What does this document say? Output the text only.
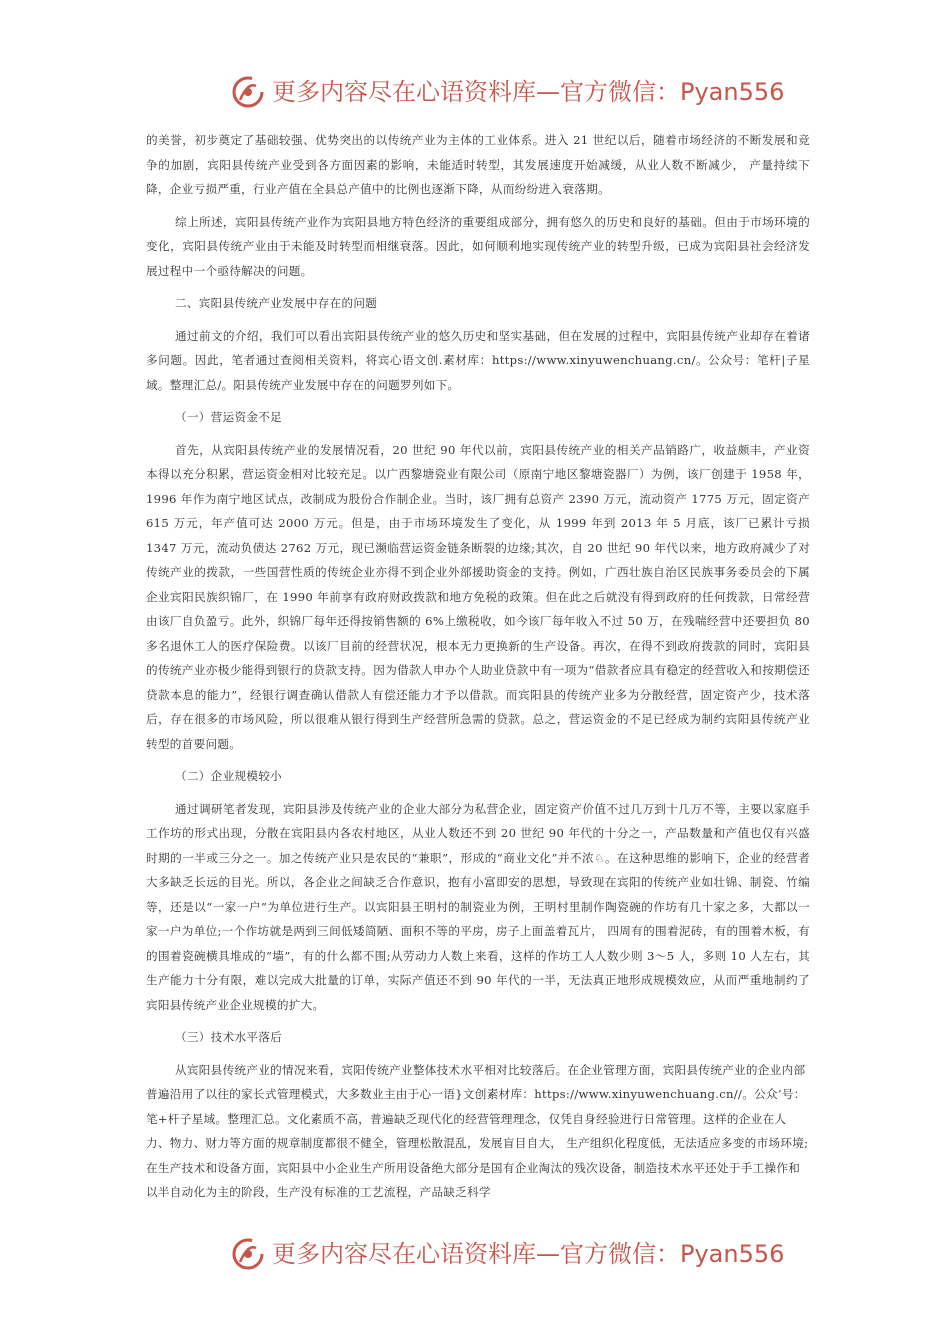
更多内容尽在心语资料库—官方微信：Pyan556

的美誉，初步奠定了基础较强、优势突出的以传统产业为主体的工业体系。进入 21 世纪以后，随着市场经济的不断发展和竞争的加剧，宾阳县传统产业受到各方面因素的影响，未能适时转型，其发展速度开始减缓，从业人数不断减少， 产量持续下降，企业亏损严重，行业产值在全县总产值中的比例也逐渐下降，从而纷纷进入衰落期。

综上所述，宾阳县传统产业作为宾阳县地方特色经济的重要组成部分，拥有悠久的历史和良好的基础。但由于市场环境的变化，宾阳县传统产业由于未能及时转型而相继衰落。因此，如何顺利地实现传统产业的转型升级，已成为宾阳县社会经济发展过程中一个亟待解决的问题。

二、宾阳县传统产业发展中存在的问题

通过前文的介绍，我们可以看出宾阳县传统产业的悠久历史和坚实基础，但在发展的过程中，宾阳县传统产业却存在着诸多问题。因此，笔者通过查阅相关资料，将宾心语文创.素材库：https://www.xinyuwenchuang.cn/。公众号：笔杆|子星域。整理汇总/。阳县传统产业发展中存在的问题罗列如下。

（一）营运资金不足

首先，从宾阳县传统产业的发展情况看，20 世纪 90 年代以前，宾阳县传统产业的相关产品销路广，收益颇丰，产业资本得以充分积累，营运资金相对比较充足。以广西黎塘瓷业有限公司（原南宁地区黎塘瓷器厂）为例，该厂创建于 1958 年，1996 年作为南宁地区试点，改制成为股份合作制企业。当时，该厂拥有总资产 2390 万元，流动资产 1775 万元，固定资产 615 万元，年产值可达 2000 万元。但是，由于市场环境发生了变化，从 1999 年到 2013 年 5 月底，该厂已累计亏损 1347 万元，流动负债达 2762 万元，现已濒临营运资金链条断裂的边缘;其次，自 20 世纪 90 年代以来，地方政府减少了对传统产业的拨款，一些国营性质的传统企业亦得不到企业外部援助资金的支持。例如，广西壮族自治区民族事务委员会的下属企业宾阳民族织锦厂，在 1990 年前享有政府财政拨款和地方免税的政策。但在此之后就没有得到政府的任何拨款，日常经营由该厂自负盈亏。此外，织锦厂每年还得按销售额的 6%上缴税收，如今该厂每年收入不过 50 万，在残喘经营中还要担负 80 多名退休工人的医疗保险费。以该厂目前的经营状况，根本无力更换新的生产设备。再次，在得不到政府拨款的同时，宾阳县的传统产业亦极少能得到银行的贷款支持。因为借款人申办个人助业贷款中有一项为“借款者应具有稳定的经营收入和按期偿还贷款本息的能力”，经银行调查确认借款人有偿还能力才予以借款。而宾阳县的传统产业多为分散经营，固定资产少，技术落后，存在很多的市场风险，所以很难从银行得到生产经营所急需的贷款。总之，营运资金的不足已经成为制约宾阳县传统产业转型的首要问题。

（二）企业规模较小

通过调研笔者发现，宾阳县涉及传统产业的企业大部分为私营企业，固定资产价值不过几万到十几万不等，主要以家庭手工作坊的形式出现，分散在宾阳县内各农村地区，从业人数还不到 20 世纪 90 年代的十分之一，产品数量和产值也仅有兴盛时期的一半或三分之一。加之传统产业只是农民的“兼职”，形成的“商业文化”并不浓♘。在这种思维的影响下，企业的经营者大多缺乏长远的目光。所以，各企业之间缺乏合作意识，抱有小富即安的思想，导致现在宾阳的传统产业如壮锦、制瓷、竹编等，还是以“一家一户”为单位进行生产。以宾阳县王明村的制瓷业为例，王明村里制作陶瓷碗的作坊有几十家之多，大都以一家一户为单位;一个作坊就是两到三间低矮简陋、面积不等的平房，房子上面盖着瓦片， 四周有的围着泥砖，有的围着木板，有的围着瓷碗横具堆成的“墙”，有的什么都不围;从劳动力人数上来看，这样的作坊工人人数少则 3～5 人，多则 10 人左右，其生产能力十分有限，难以完成大批量的订单，实际产值还不到 90 年代的一半，无法真正地形成规模效应，从而严重地制约了宾阳县传统产业企业规模的扩大。

（三）技术水平落后

从宾阳县传统产业的情况来看，宾阳传统产业整体技术水平相对比较落后。在企业管理方面，宾阳县传统产业的企业内部普遍沿用了以往的家长式管理模式，大多数业主由于心一语}文创素材库：https://www.xinyuwenchuang.cn//。公众’号：笔+杆子星域。整理汇总。文化素质不高，普遍缺乏现代化的经营管理理念，仅凭自身经验进行日常管理。这样的企业在人力、物力、财力等方面的规章制度都很不健全，管理松散混乱，发展盲目自大， 生产组织化程度低，无法适应多变的市场环境;在生产技术和设备方面，宾阳县中小企业生产所用设备绝大部分是国有企业淘汰的残次设备，制造技术水平还处于手工操作和以半自动化为主的阶段，生产没有标准的工艺流程，产品缺乏科学

更多内容尽在心语资料库—官方微信：Pyan556
